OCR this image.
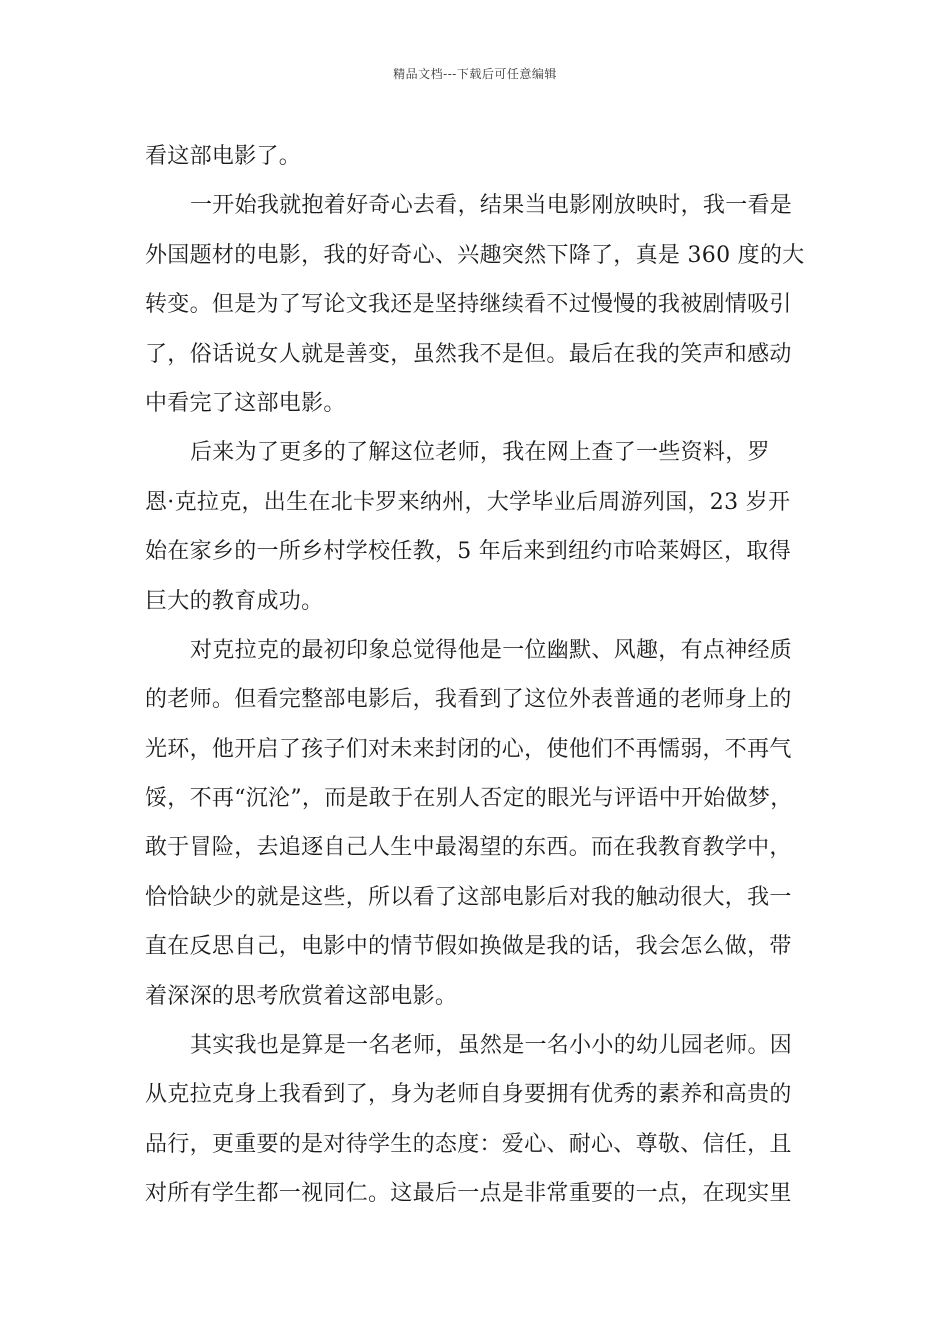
精品文档---下载后可任意编辑
看这部电影了。
一开始我就抱着好奇心去看，结果当电影刚放映时，我一看是
外国题材的电影，我的好奇心、兴趣突然下降了，真是 360 度的大
转变。但是为了写论文我还是坚持继续看不过慢慢的我被剧情吸引
了，俗话说女人就是善变，虽然我不是但。最后在我的笑声和感动
中看完了这部电影。
后来为了更多的了解这位老师，我在网上查了一些资料，罗
恩·克拉克，出生在北卡罗来纳州，大学毕业后周游列国，23 岁开
始在家乡的一所乡村学校任教，5 年后来到纽约市哈莱姆区，取得
巨大的教育成功。
对克拉克的最初印象总觉得他是一位幽默、风趣，有点神经质
的老师。但看完整部电影后，我看到了这位外表普通的老师身上的
光环，他开启了孩子们对未来封闭的心，使他们不再懦弱，不再气
馁，不再“沉沦”，而是敢于在别人否定的眼光与评语中开始做梦，
敢于冒险，去追逐自己人生中最渴望的东西。而在我教育教学中，
恰恰缺少的就是这些，所以看了这部电影后对我的触动很大，我一
直在反思自己，电影中的情节假如换做是我的话，我会怎么做，带
着深深的思考欣赏着这部电影。
其实我也是算是一名老师，虽然是一名小小的幼儿园老师。因
从克拉克身上我看到了，身为老师自身要拥有优秀的素养和高贵的
品行，更重要的是对待学生的态度：爱心、耐心、尊敬、信任，且
对所有学生都一视同仁。这最后一点是非常重要的一点，在现实里
